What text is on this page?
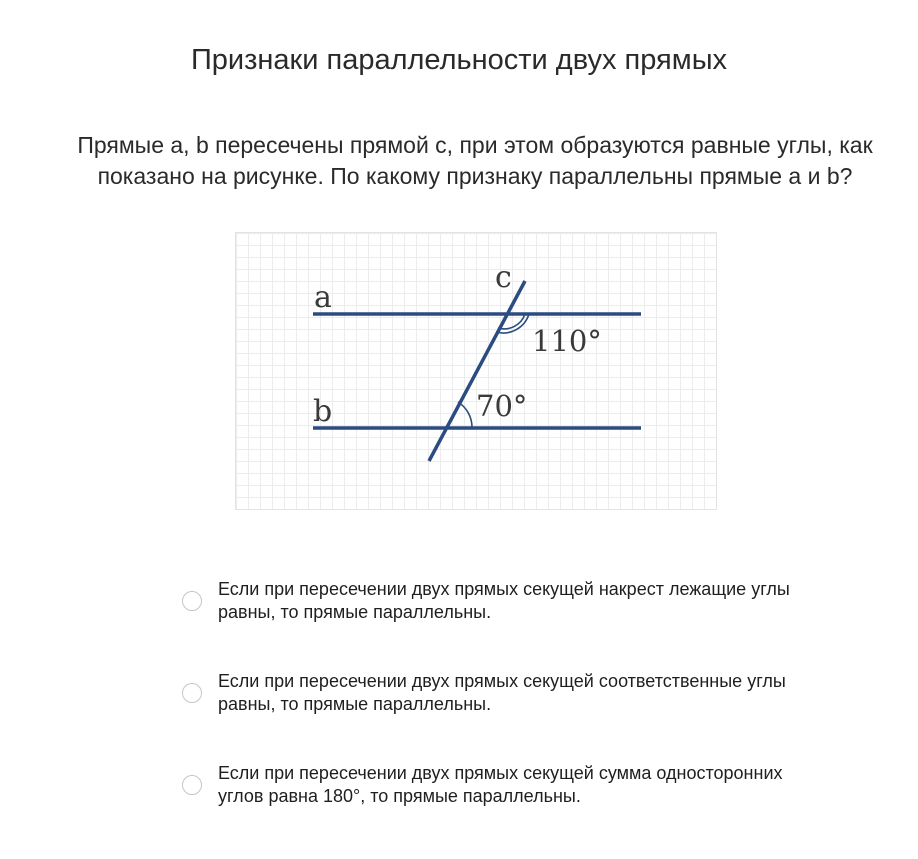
Признаки параллельности двух прямых

Прямые a, b пересечены прямой c, при этом образуются равные углы, как показано на рисунке. По какому признаку параллельны прямые a и b?

a
b
c
110°
70°
Если при пересечении двух прямых секущей накрест лежащие углы равны, то прямые параллельны.
Если при пересечении двух прямых секущей соответственные углы равны, то прямые параллельны.
Если при пересечении двух прямых секущей сумма односторонних углов равна 180°, то прямые параллельны.
